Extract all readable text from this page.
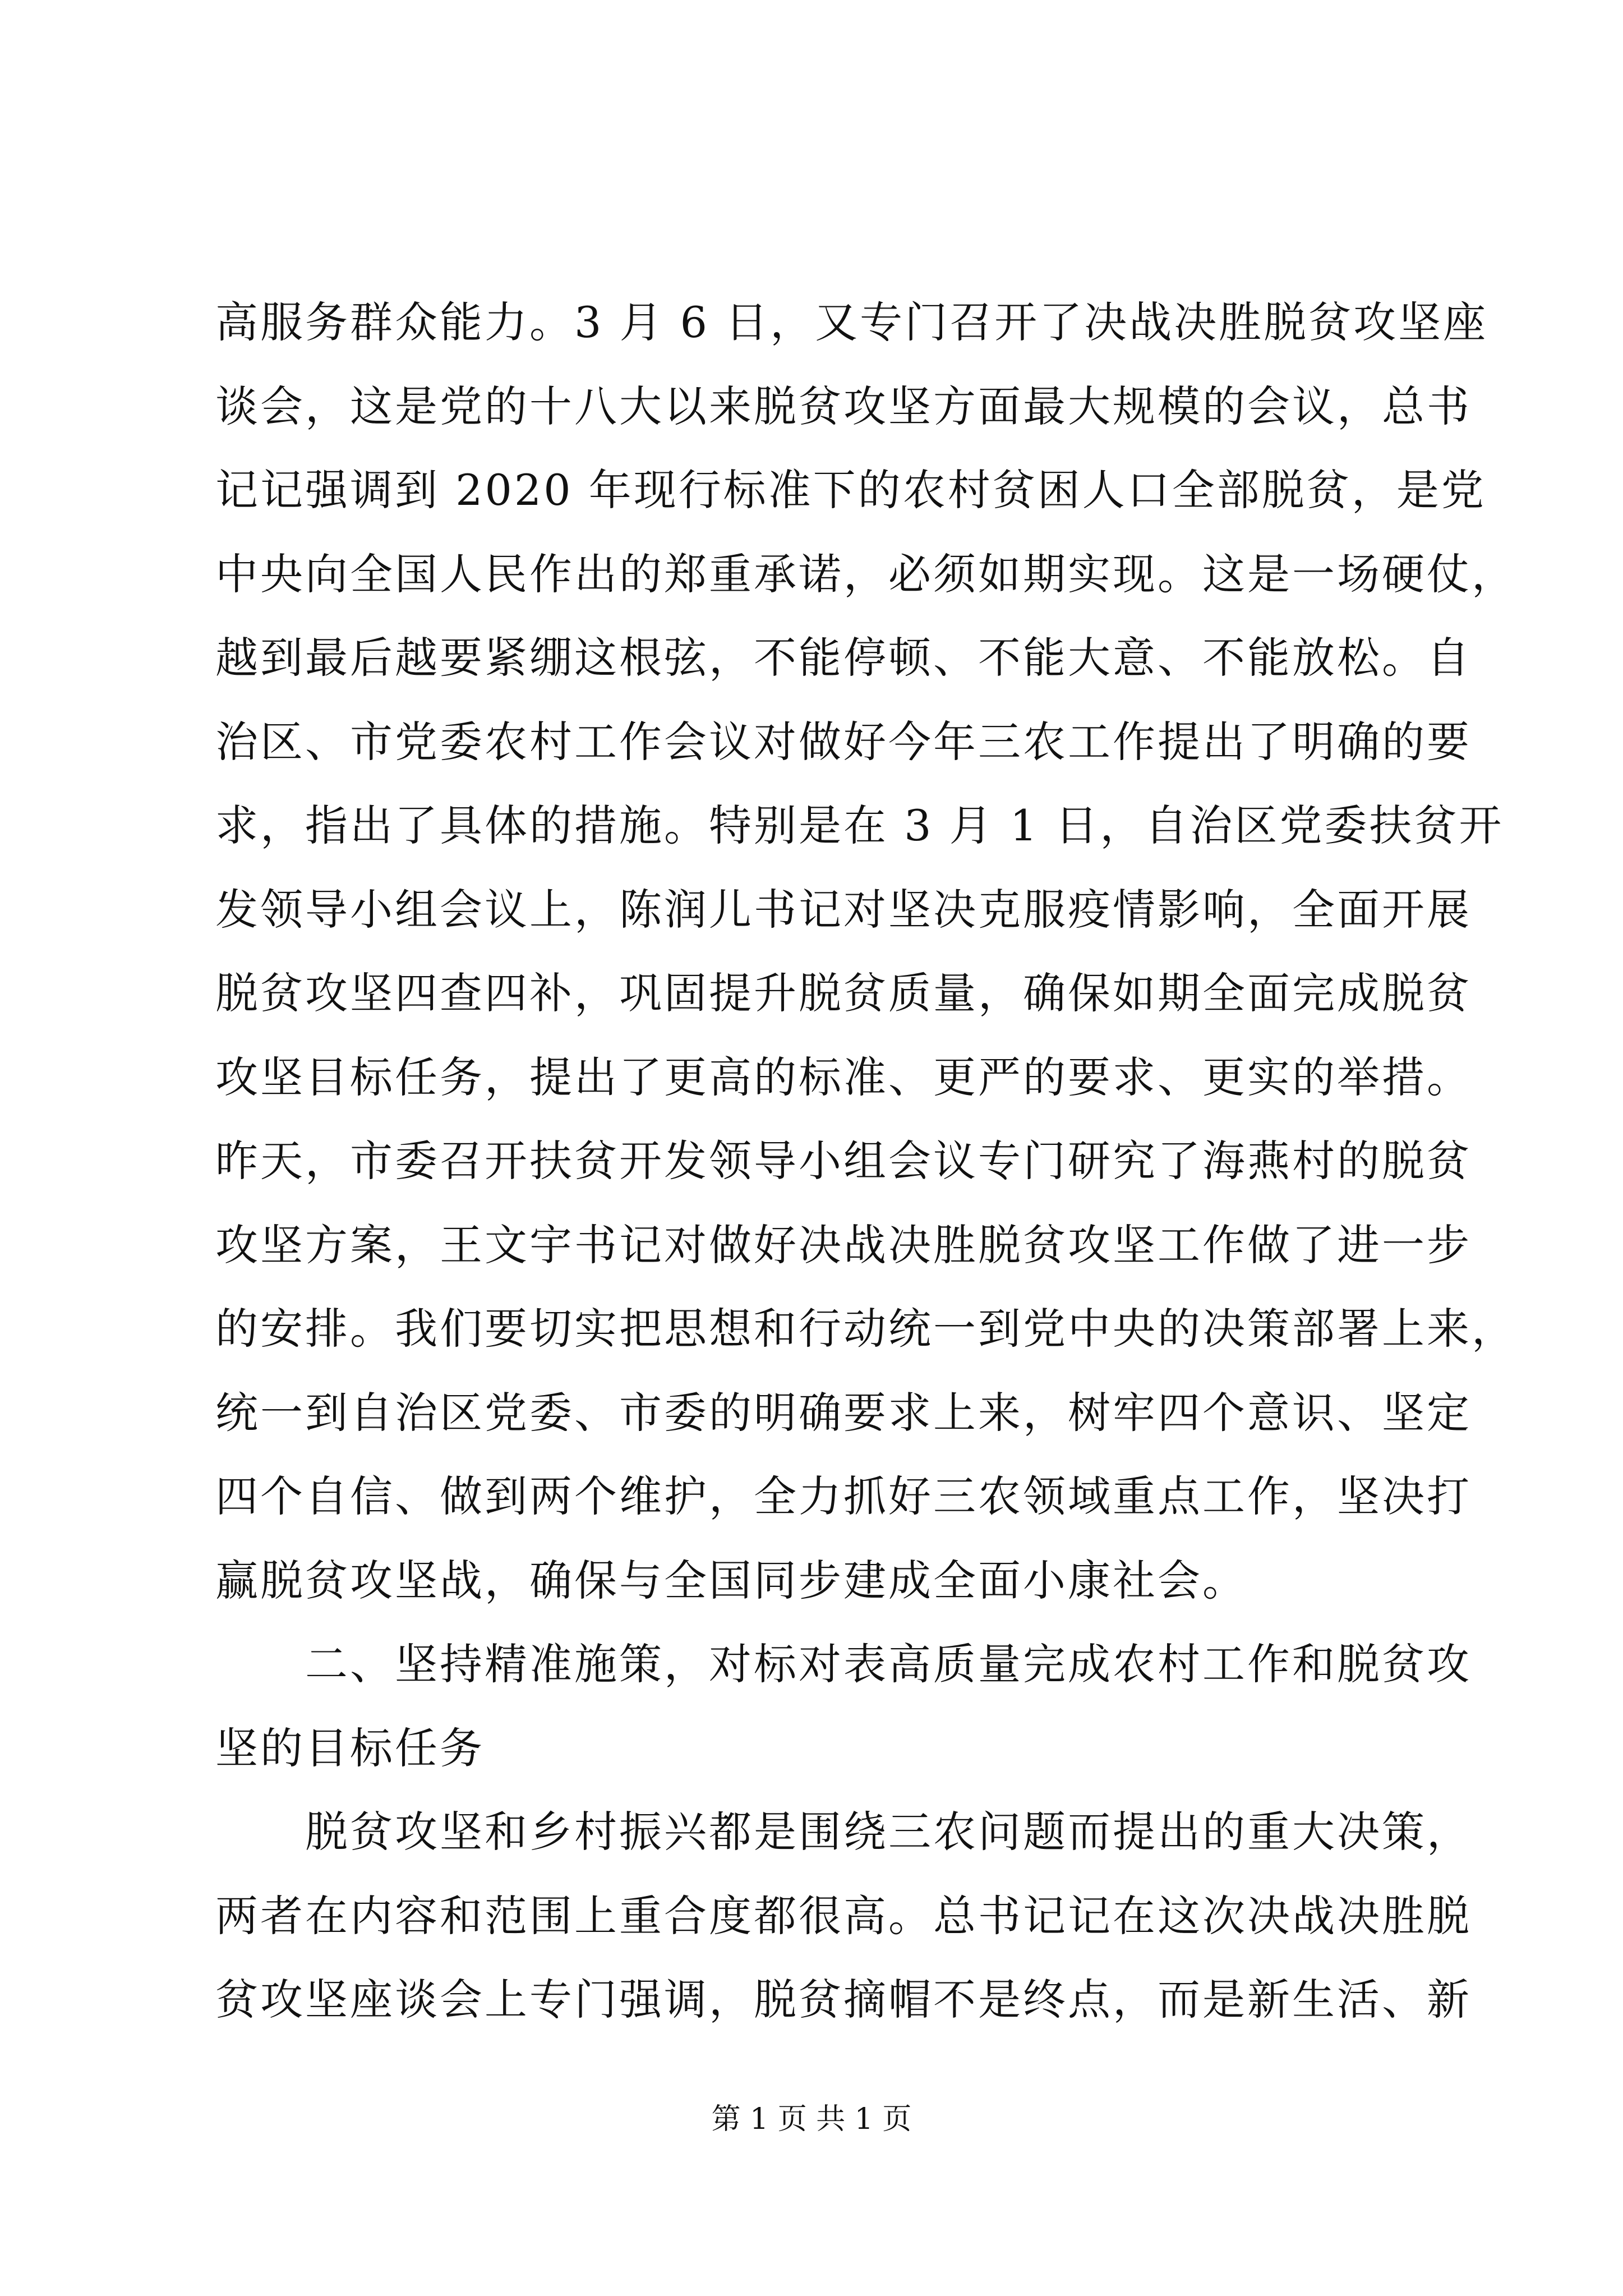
高服务群众能力。3 月 6 日，又专门召开了决战决胜脱贫攻坚座
谈会，这是党的十八大以来脱贫攻坚方面最大规模的会议，总书
记记强调到 2020 年现行标准下的农村贫困人口全部脱贫，是党
中央向全国人民作出的郑重承诺，必须如期实现。这是一场硬仗，
越到最后越要紧绷这根弦，不能停顿、不能大意、不能放松。自
治区、市党委农村工作会议对做好今年三农工作提出了明确的要
求，指出了具体的措施。特别是在 3 月 1 日，自治区党委扶贫开
发领导小组会议上，陈润儿书记对坚决克服疫情影响，全面开展
脱贫攻坚四查四补，巩固提升脱贫质量，确保如期全面完成脱贫
攻坚目标任务，提出了更高的标准、更严的要求、更实的举措。
昨天，市委召开扶贫开发领导小组会议专门研究了海燕村的脱贫
攻坚方案，王文宇书记对做好决战决胜脱贫攻坚工作做了进一步
的安排。我们要切实把思想和行动统一到党中央的决策部署上来，
统一到自治区党委、市委的明确要求上来，树牢四个意识、坚定
四个自信、做到两个维护，全力抓好三农领域重点工作，坚决打
赢脱贫攻坚战，确保与全国同步建成全面小康社会。
　　二、坚持精准施策，对标对表高质量完成农村工作和脱贫攻
坚的目标任务
　　脱贫攻坚和乡村振兴都是围绕三农问题而提出的重大决策，
两者在内容和范围上重合度都很高。总书记记在这次决战决胜脱
贫攻坚座谈会上专门强调，脱贫摘帽不是终点，而是新生活、新
第 1 页 共 1 页
